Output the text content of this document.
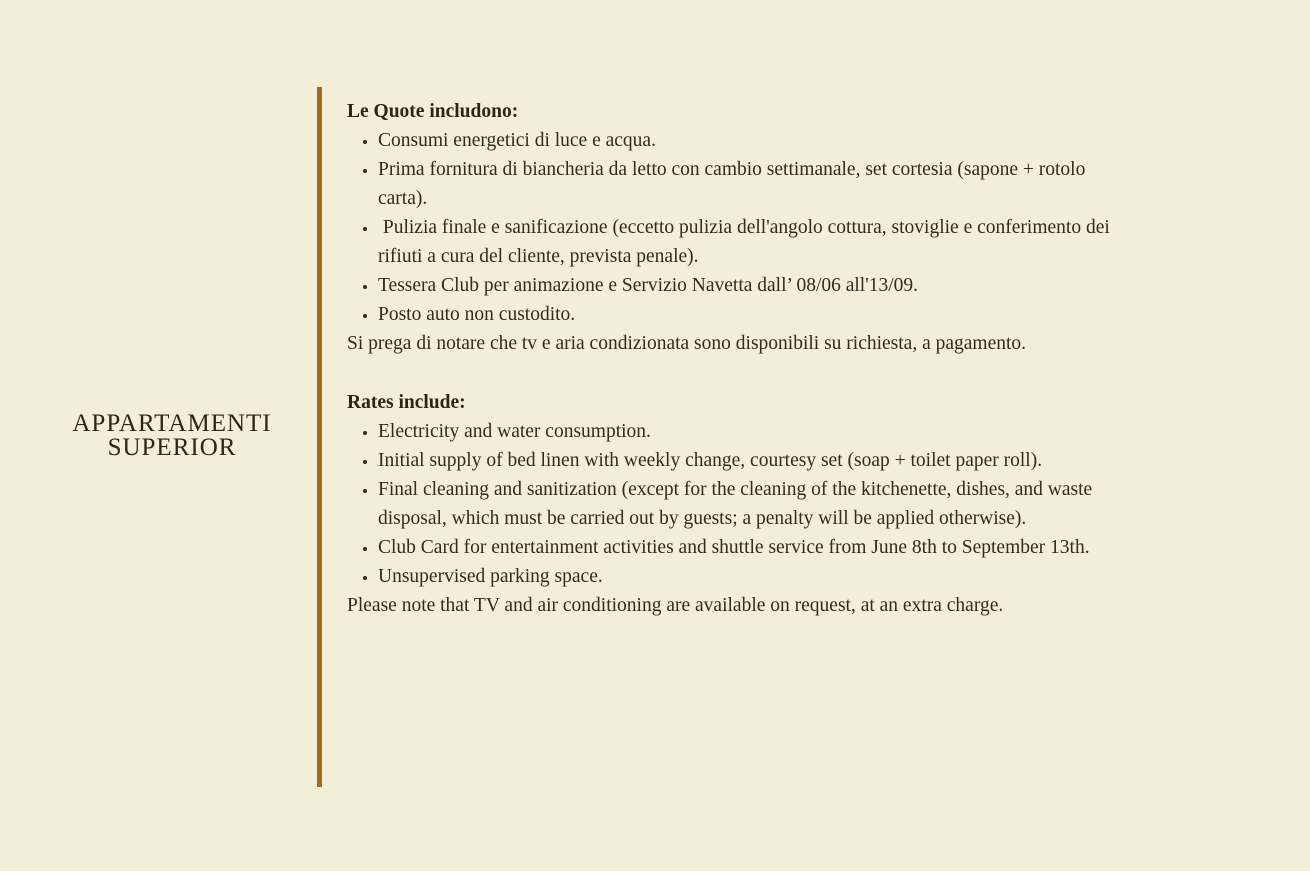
APPARTAMENTI
SUPERIOR
Le Quote includono:
• Consumi energetici di luce e acqua.
• Prima fornitura di biancheria da letto con cambio settimanale, set cortesia (sapone + rotolo carta).
•  Pulizia finale e sanificazione (eccetto pulizia dell'angolo cottura, stoviglie e conferimento dei rifiuti a cura del cliente, prevista penale).
• Tessera Club per animazione e Servizio Navetta dall’ 08/06 all'13/09.
• Posto auto non custodito.
Si prega di notare che tv e aria condizionata sono disponibili su richiesta, a pagamento.
Rates include:
• Electricity and water consumption.
• Initial supply of bed linen with weekly change, courtesy set (soap + toilet paper roll).
• Final cleaning and sanitization (except for the cleaning of the kitchenette, dishes, and waste disposal, which must be carried out by guests; a penalty will be applied otherwise).
• Club Card for entertainment activities and shuttle service from June 8th to September 13th.
• Unsupervised parking space.
Please note that TV and air conditioning are available on request, at an extra charge.
